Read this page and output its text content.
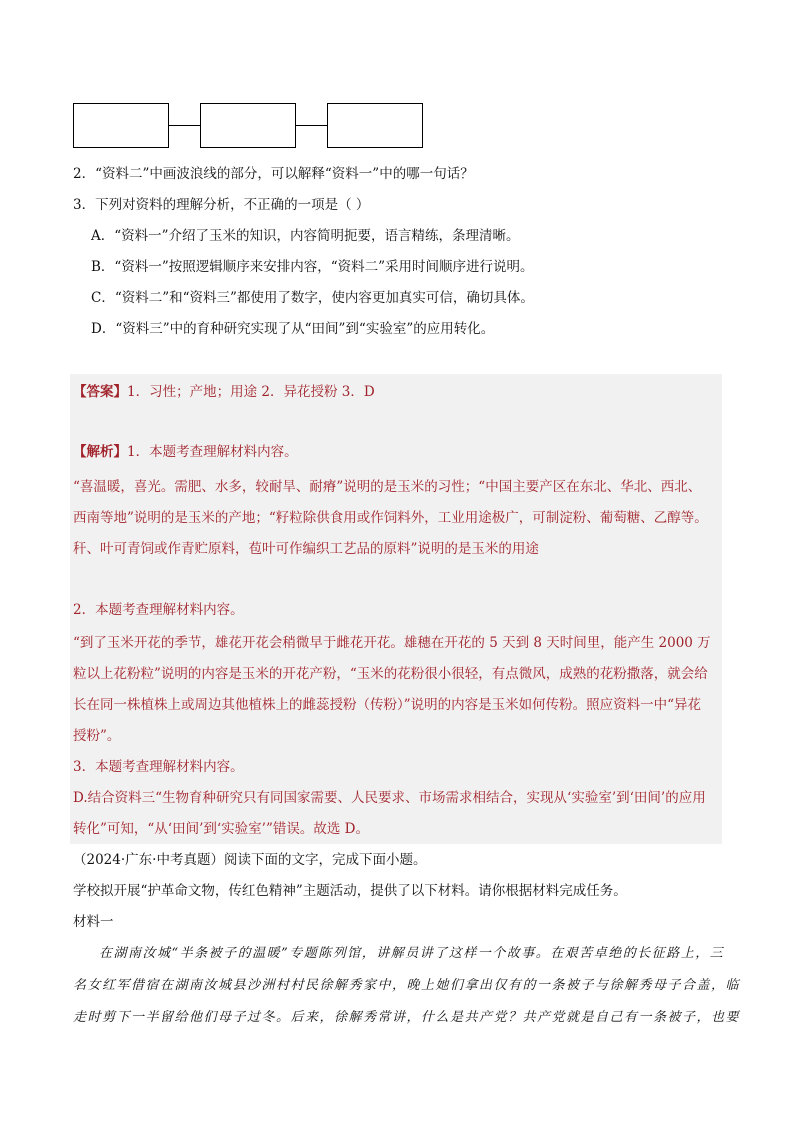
2．“资料二”中画波浪线的部分，可以解释“资料一”中的哪一句话？
3．下列对资料的理解分析，不正确的一项是（ ）
A．“资料一”介绍了玉米的知识，内容简明扼要，语言精练，条理清晰。
B．“资料一”按照逻辑顺序来安排内容，“资料二”采用时间顺序进行说明。
C．“资料二”和“资料三”都使用了数字，使内容更加真实可信，确切具体。
D．“资料三”中的育种研究实现了从“田间”到“实验室”的应用转化。
【答案】1．习性；产地；用途 2．异花授粉 3．D
【解析】1．本题考查理解材料内容。
“喜温暖，喜光。需肥、水多，较耐旱、耐瘠”说明的是玉米的习性；“中国主要产区在东北、华北、西北、
西南等地”说明的是玉米的产地；“籽粒除供食用或作饲料外，工业用途极广，可制淀粉、葡萄糖、乙醇等。
秆、叶可青饲或作青贮原料，苞叶可作编织工艺品的原料”说明的是玉米的用途
2．本题考查理解材料内容。
“到了玉米开花的季节，雄花开花会稍微早于雌花开花。雄穗在开花的 5 天到 8 天时间里，能产生 2000 万
粒以上花粉粒”说明的内容是玉米的开花产粉，“玉米的花粉很小很轻，有点微风，成熟的花粉撒落，就会给
长在同一株植株上或周边其他植株上的雌蕊授粉（传粉）”说明的内容是玉米如何传粉。照应资料一中“异花
授粉”。
3．本题考查理解材料内容。
D.结合资料三“生物育种研究只有同国家需要、人民要求、市场需求相结合，实现从‘实验室’到‘田间’的应用
转化”可知，“从‘田间’到‘实验室’”错误。故选 D。
（2024·广东·中考真题）阅读下面的文字，完成下面小题。
学校拟开展“护革命文物，传红色精神”主题活动，提供了以下材料。请你根据材料完成任务。
材料一

在湖南汝城“半条被子的温暖”专题陈列馆，讲解员讲了这样一个故事。在艰苦卓绝的长征路上，三

名女红军借宿在湖南汝城县沙洲村村民徐解秀家中，晚上她们拿出仅有的一条被子与徐解秀母子合盖，临

走时剪下一半留给他们母子过冬。后来，徐解秀常讲，什么是共产党？共产党就是自己有一条被子，也要
